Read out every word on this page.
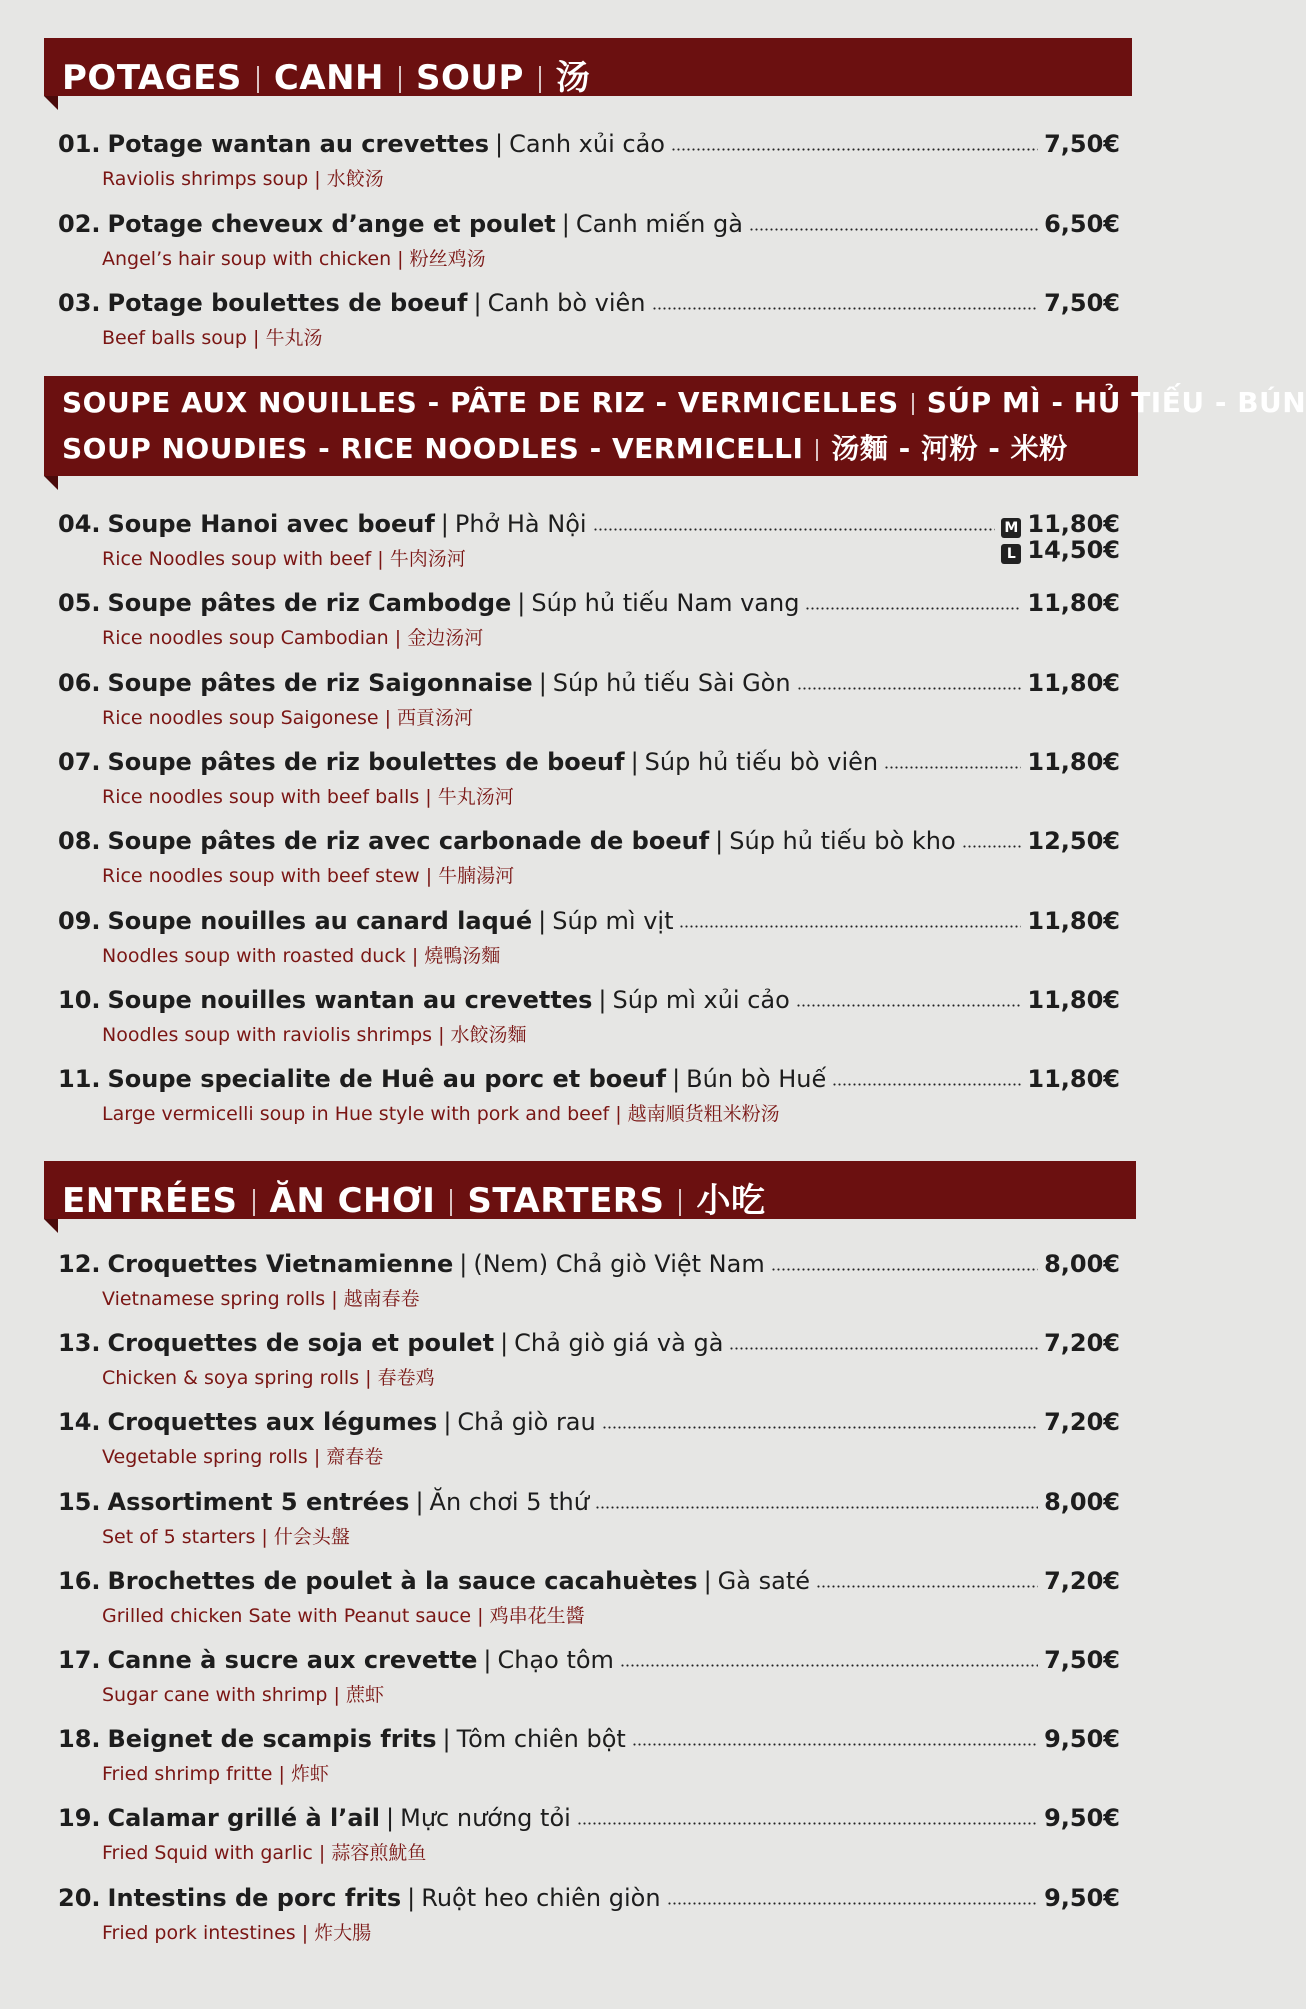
POTAGES CANH SOUP 汤
01. Potage wantan au crevettes | Canh xủi cảo	7,50€
Raviolis shrimps soup | 水餃汤
02. Potage cheveux d’ange et poulet | Canh miến gà	6,50€
Angel’s hair soup with chicken | 粉丝鸡汤
03. Potage boulettes de boeuf | Canh bò viên	7,50€
Beef balls soup | 牛丸汤
SOUPE AUX NOUILLES - PÂTE DE RIZ - VERMICELLES SÚP MÌ - HỦ TIẾU - BÚN
SOUP NOUDIES - RICE NOODLES - VERMICELLI 汤麵 - 河粉 - 米粉
04. Soupe Hanoi avec boeuf | Phở Hà Nội	M 11,80€
Rice Noodles soup with beef | 牛肉汤河	L 14,50€
05. Soupe pâtes de riz Cambodge | Súp hủ tiếu Nam vang	11,80€
Rice noodles soup Cambodian | 金边汤河
06. Soupe pâtes de riz Saigonnaise | Súp hủ tiếu Sài Gòn	11,80€
Rice noodles soup Saigonese | 西貢汤河
07. Soupe pâtes de riz boulettes de boeuf | Súp hủ tiếu bò viên	11,80€
Rice noodles soup with beef balls | 牛丸汤河
08. Soupe pâtes de riz avec carbonade de boeuf | Súp hủ tiếu bò kho	12,50€
Rice noodles soup with beef stew | 牛腩湯河
09. Soupe nouilles au canard laqué | Súp mì vịt	11,80€
Noodles soup with roasted duck | 燒鴨汤麵
10. Soupe nouilles wantan au crevettes | Súp mì xủi cảo	11,80€
Noodles soup with raviolis shrimps | 水餃汤麵
11. Soupe specialite de Huê au porc et boeuf | Bún bò Huế	11,80€
Large vermicelli soup in Hue style with pork and beef | 越南順货粗米粉汤
ENTRÉES ĂN CHƠI STARTERS 小吃
12. Croquettes Vietnamienne | (Nem) Chả giò Việt Nam	8,00€
Vietnamese spring rolls | 越南春卷
13. Croquettes de soja et poulet | Chả giò giá và gà	7,20€
Chicken & soya spring rolls | 春卷鸡
14. Croquettes aux légumes | Chả giò rau	7,20€
Vegetable spring rolls | 齋春卷
15. Assortiment 5 entrées | Ăn chơi 5 thứ	8,00€
Set of 5 starters | 什会头盤
16. Brochettes de poulet à la sauce cacahuètes | Gà saté	7,20€
Grilled chicken Sate with Peanut sauce | 鸡串花生醬
17. Canne à sucre aux crevette | Chạo tôm	7,50€
Sugar cane with shrimp | 蔗虾
18. Beignet de scampis frits | Tôm chiên bột	9,50€
Fried shrimp fritte | 炸虾
19. Calamar grillé à l’ail | Mực nướng tỏi	9,50€
Fried Squid with garlic | 蒜容煎魷鱼
20. Intestins de porc frits | Ruột heo chiên giòn	9,50€
Fried pork intestines | 炸大腸
